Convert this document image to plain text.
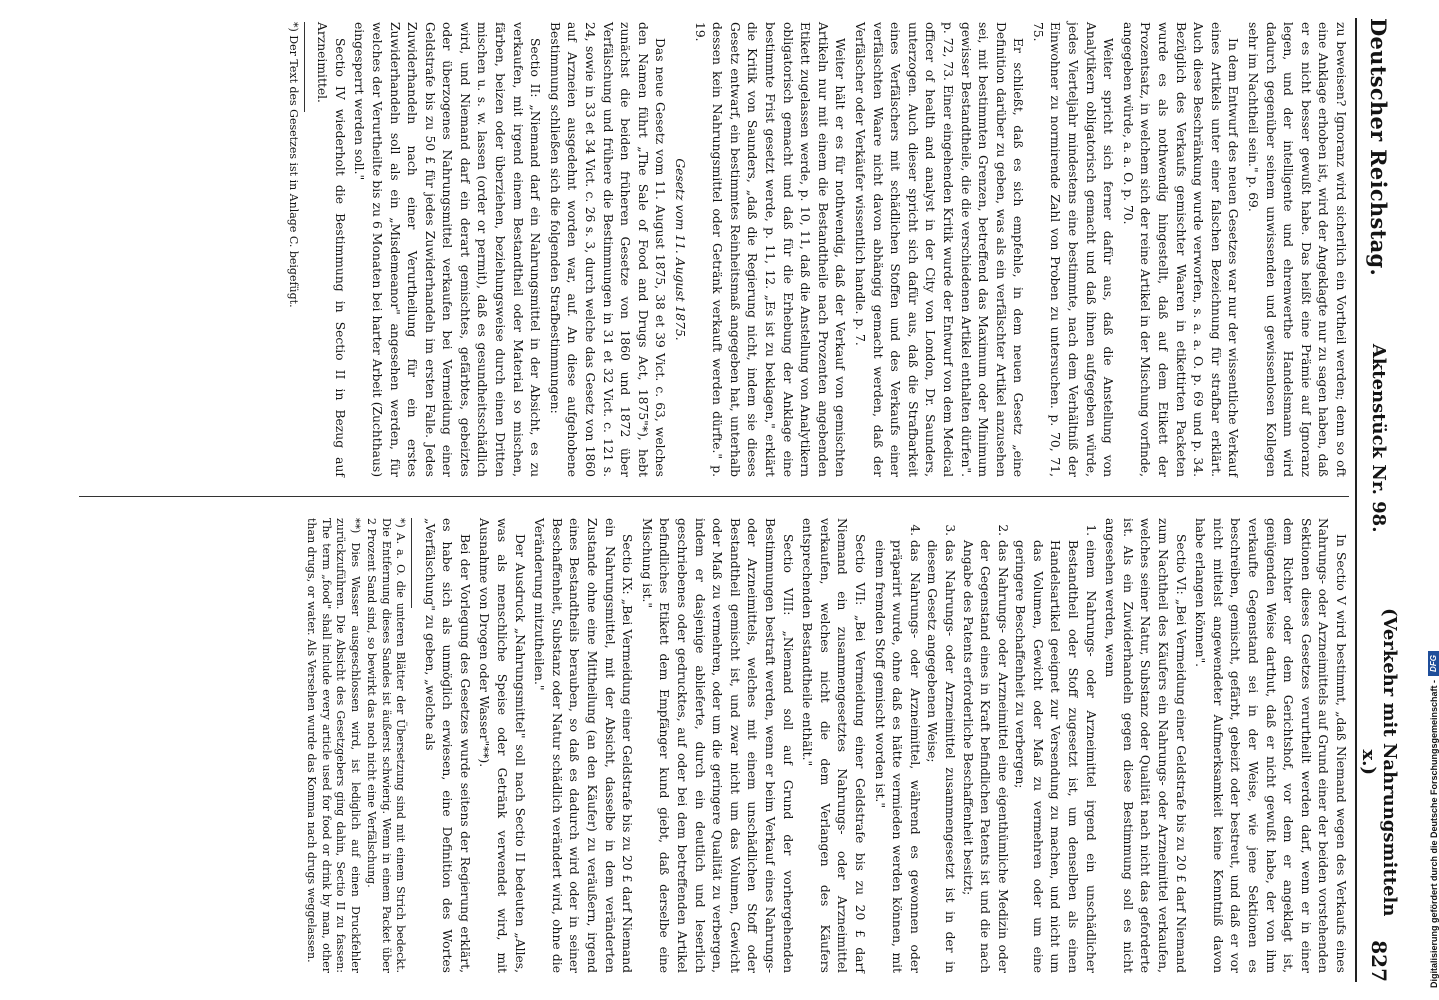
Deutscher Reichstag.
Aktenstück Nr. 98.
(Verkehr mit Nahrungsmitteln x.)
827

zu beweisen? Ignoranz wird sicherlich ein Vortheil werden; denn so oft eine Anklage erhoben ist, wird der Angeklagte nur zu sagen haben, daß er es nicht besser gewußt habe. Das heißt eine Prämie auf Ignoranz legen, und der intelligente und ehrenwerthe Handelsmann wird dadurch gegenüber seinem unwissenden und gewissenlosen Kollegen sehr im Nachtheil sein." p. 69.

In dem Entwurf des neuen Gesetzes war nur der wissentliche Verkauf eines Artikels unter einer falschen Bezeichnung für strafbar erklärt. Auch diese Beschränkung wurde verworfen, s. a. a. O. p. 69 und p. 34. Bezüglich des Verkaufs gemischter Waaren in etikettirten Packeten wurde es als nothwendig hingestellt, daß auf dem Etikett der Prozentsatz, in welchem sich der reine Artikel in der Mischung vorfinde, angegeben würde, a. a. O. p. 70.

Weiter spricht sich ferner dafür aus, daß die Anstellung von Analytikern obligatorisch gemacht und daß ihnen aufgegeben würde, jedes Vierteljahr mindestens eine bestimmte, nach dem Verhältniß der Einwohner zu normirende Zahl von Proben zu untersuchen. p. 70, 71, 75.

Er schließt, daß es sich empfehle, in dem neuen Gesetz „eine Definition darüber zu geben, was als ein verfälschter Artikel anzusehen sei, mit bestimmten Grenzen, betreffend das Maximum oder Minimum gewisser Bestandtheile, die die verschiedenen Artikel enthalten dürfen". p. 72, 73. Einer eingehenden Kritik wurde der Entwurf von dem Medical officer of health and analyst in der City von London, Dr. Saunders, unterzogen. Auch dieser spricht sich dafür aus, daß die Strafbarkeit eines Verfälschers mit schädlichen Stoffen und des Verkaufs einer verfälschten Waare nicht davon abhängig gemacht werden, daß der Verfälscher oder Verkäufer wissentlich handle. p. 7.

Weiter hält er es für nothwendig, daß der Verkauf von gemischten Artikeln nur mit einem die Bestandtheile nach Prozenten angebenden Etikett zugelassen werde, p. 10, 11, daß die Anstellung von Analytikern obligatorisch gemacht und daß für die Erhebung der Anklage eine bestimmte Frist gesetzt werde, p. 11, 12. „Es ist zu beklagen," erklärt die Kritik von Saunders, „daß die Regierung nicht, indem sie dieses Gesetz entwarf, ein bestimmtes Reinheitsmaß angegeben hat, unterhalb dessen kein Nahrungsmittel oder Getränk verkauft werden dürfte." p. 19.

Gesetz vom 11. August 1875.

Das neue Gesetz vom 11. August 1875, 38 et 39 Vict. c. 63, welches den Namen führt „The Sale of Food and Drugs Act, 1875"*), hebt zunächst die beiden früheren Gesetze von 1860 und 1872 über Verfälschung und frühere die Bestimmungen in 31 et 32 Vict. c. 121 s. 24, sowie in 33 et 34 Vict. c. 26 s. 3, durch welche das Gesetz von 1860 auf Arzneien ausgedehnt worden war, auf. An diese aufgehobene Bestimmung schließen sich die folgenden Strafbestimmungen:

Sectio II: „Niemand darf ein Nahrungsmittel in der Absicht, es zu verkaufen, mit irgend einem Bestandtheil oder Material so mischen, färben, beizen oder überziehen, beziehungsweise durch einen Dritten mischen u. s. w. lassen (order or permit), daß es gesundheitsschädlich wird, und Niemand darf ein derart gemischtes, gefärbtes, gebeiztes oder überzogenes Nahrungsmittel verkaufen bei Vermeidung einer Geldstrafe bis zu 50 £ für jedes Zuwiderhandeln im ersten Falle. Jedes Zuwiderhandeln nach einer Verurtheilung für ein erstes Zuwiderhandeln soll als ein „Misdemeanor" angesehen werden, für welches der Verurtheilte bis zu 6 Monaten bei harter Arbeit (Zuchthaus) eingesperrt werden soll."

Sectio IV wiederholt die Bestimmung in Sectio II in Bezug auf Arzneimittel.

*) Der Text des Gesetzes ist in Anlage C. beigefügt.

In Sectio V wird bestimmt, „daß Niemand wegen des Verkaufs eines Nahrungs- oder Arzneimittels auf Grund einer der beiden vorstehenden Sektionen dieses Gesetzes verurtheilt werden darf, wenn er in einer dem Richter oder dem Gerichtshof, vor dem er angeklagt ist, genügenden Weise darthut, daß er nicht gewußt habe, der von ihm verkaufte Gegenstand sei in der Weise, wie jene Sektionen es beschreiben, gemischt, gefärbt, gebeizt oder bestreut, und daß er vor nicht mittelst angewendeter Aufmerksamkeit keine Kenntniß davon habe erlangen können".

Sectio VI: „Bei Vermeidung einer Geldstrafe bis zu 20 £ darf Niemand zum Nachtheil des Käufers ein Nahrungs- oder Arzneimittel verkaufen, welches seiner Natur, Substanz oder Qualität nach nicht das geforderte ist. Als ein Zuwiderhandeln gegen diese Bestimmung soll es nicht angesehen werden, wenn

1. einem Nahrungs- oder Arzneimittel irgend ein unschädlicher Bestandtheil oder Stoff zugesetzt ist, um denselben als einen Handelsartikel geeignet zur Versendung zu machen, und nicht um das Volumen, Gewicht oder Maß zu vermehren oder um eine geringere Beschaffenheit zu verbergen;
2. das Nahrungs- oder Arzneimittel eine eigenthümliche Medizin oder der Gegenstand eines in Kraft befindlichen Patents ist und die nach Angabe des Patents erforderliche Beschaffenheit besitzt;
3. das Nahrungs- oder Arzneimittel zusammengesetzt ist in der in diesem Gesetz angegebenen Weise;
4. das Nahrungs- oder Arzneimittel, während es gewonnen oder präparirt wurde, ohne daß es hätte vermieden werden können, mit einem fremden Stoff gemischt worden ist."

Sectio VII: „Bei Vermeidung einer Geldstrafe bis zu 20 £ darf Niemand ein zusammengesetztes Nahrungs- oder Arzneimittel verkaufen, welches nicht die dem Verlangen des Käufers entsprechenden Bestandtheile enthält."

Sectio VIII: „Niemand soll auf Grund der vorhergehenden Bestimmungen bestraft werden, wenn er beim Verkauf eines Nahrungs- oder Arzneimittels, welches mit einem unschädlichen Stoff oder Bestandtheil gemischt ist, und zwar nicht um das Volumen, Gewicht oder Maß zu vermehren, oder um die geringere Qualität zu verbergen, indem er dasjenige ablieferte, durch ein deutlich und leserlich geschriebenes oder gedrucktes, auf oder bei dem betreffenden Artikel befindliches Etikett dem Empfänger kund giebt, daß derselbe eine Mischung ist."

Sectio IX: „Bei Vermeidung einer Geldstrafe bis zu 20 £ darf Niemand ein Nahrungsmittel, mit der Absicht, dasselbe in dem veränderten Zustande ohne eine Mittheilung (an den Käufer) zu veräußern, irgend eines Bestandtheils berauben, so daß es dadurch wird oder in seiner Beschaffenheit, Substanz oder Natur schädlich verändert wird, ohne die Veränderung mitzutheilen."

Der Ausdruck „Nahrungsmittel" soll nach Sectio II bedeuten „Alles, was als menschliche Speise oder Getränk verwendet wird, mit Ausnahme von Drogen oder Wasser"**).

Bei der Vorlegung des Gesetzes wurde seitens der Regierung erklärt, es habe sich als unmöglich erwiesen, eine Definition des Wortes „Verfälschung" zu geben, „welche als

*) A. a. O. die unteren Blätter der Übersetzung sind mit einem Strich bedeckt. Die Entfernung dieses Sandes ist äußerst schwierig. Wenn in einem Packet über 2 Prozent Sand sind, so bewirkt das noch nicht eine Verfälschung.

**) Dies Wasser ausgeschlossen wird, ist lediglich auf einen Druckfehler zurückzuführen. Die Absicht des Gesetzgebers ging dahin, Sectio II zu fassen: The term „food" shall include every article used for food or drink by man, other than drugs, or water. Als Versehen wurde das Komma nach drugs weggelassen.	Digitalisierung gefördert durch die Deutsche Forschungsgemeinschaft -
DFG
